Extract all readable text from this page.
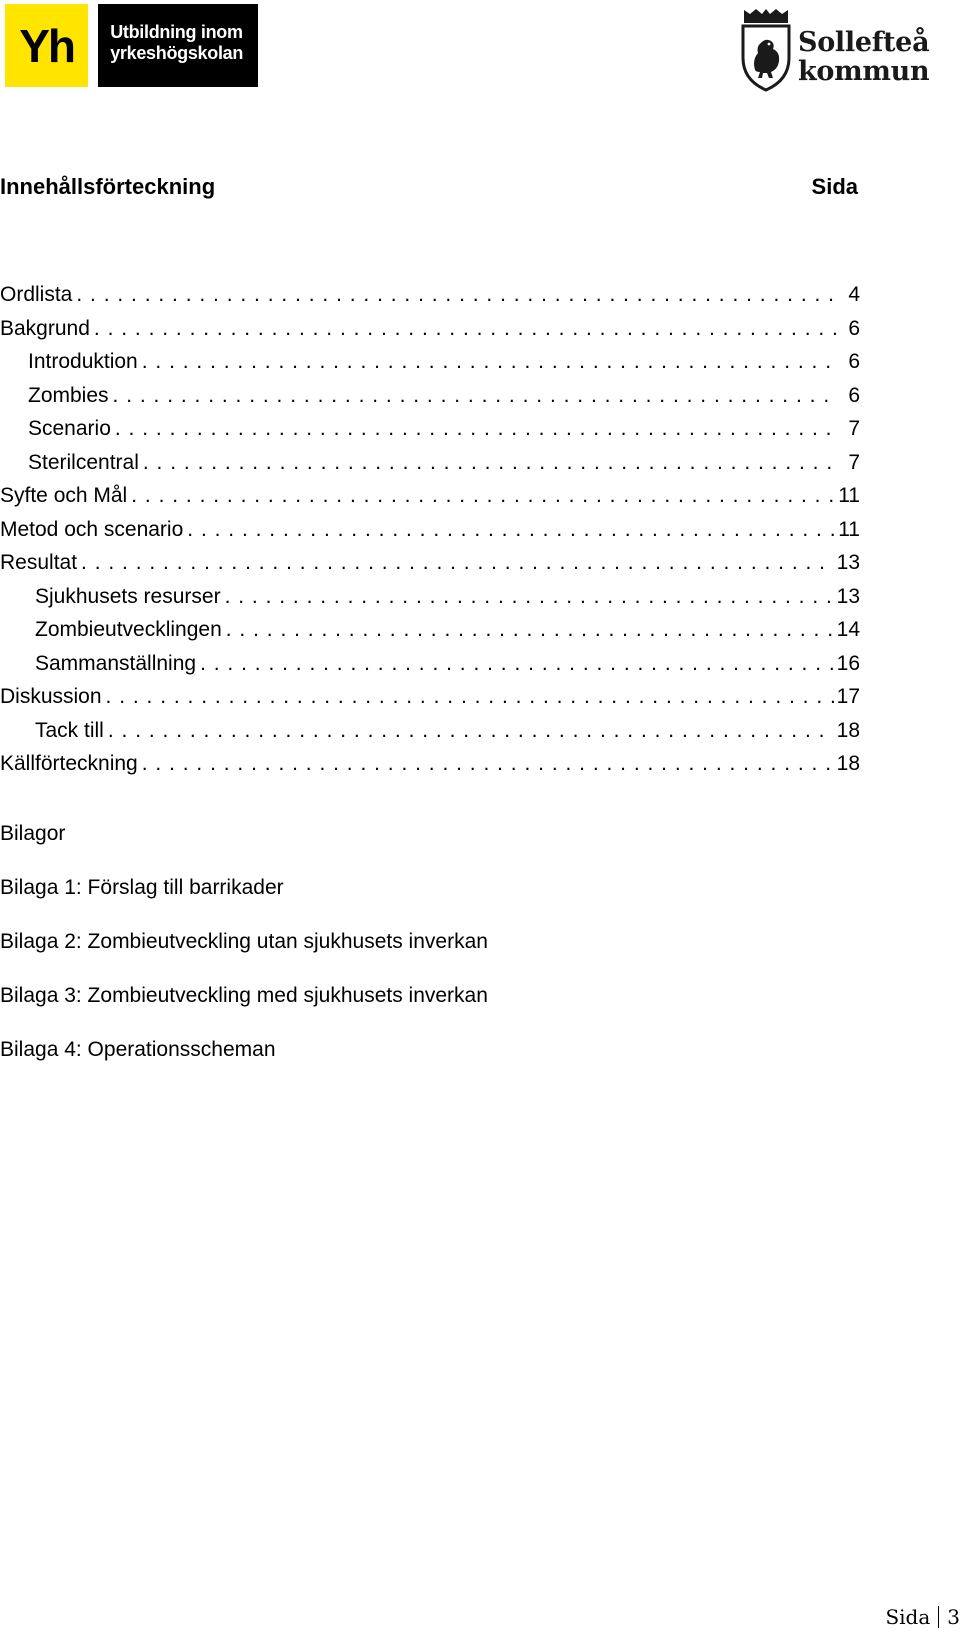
Yh	Utbildning inom
yrkeshögskolan	Sollefteå
kommun
Innehållsförteckning	Sida
Ordlista . . .	4
Bakgrund . . .	6
Introduktion . . .	6
Zombies . . .	6
Scenario . . .	7
Sterilcentral . . .	7
Syfte och Mål . . .	11
Metod och scenario . . .	11
Resultat . . .	13
Sjukhusets resurser . . .	13
Zombieutvecklingen . . .	14
Sammanställning . . .	16
Diskussion . . .	17
Tack till . . .	18
Källförteckning . . .	18
Bilagor
Bilaga 1: Förslag till barrikader
Bilaga 2: Zombieutveckling utan sjukhusets inverkan
Bilaga 3: Zombieutveckling med sjukhusets inverkan
Bilaga 4: Operationsscheman
Sida 3
